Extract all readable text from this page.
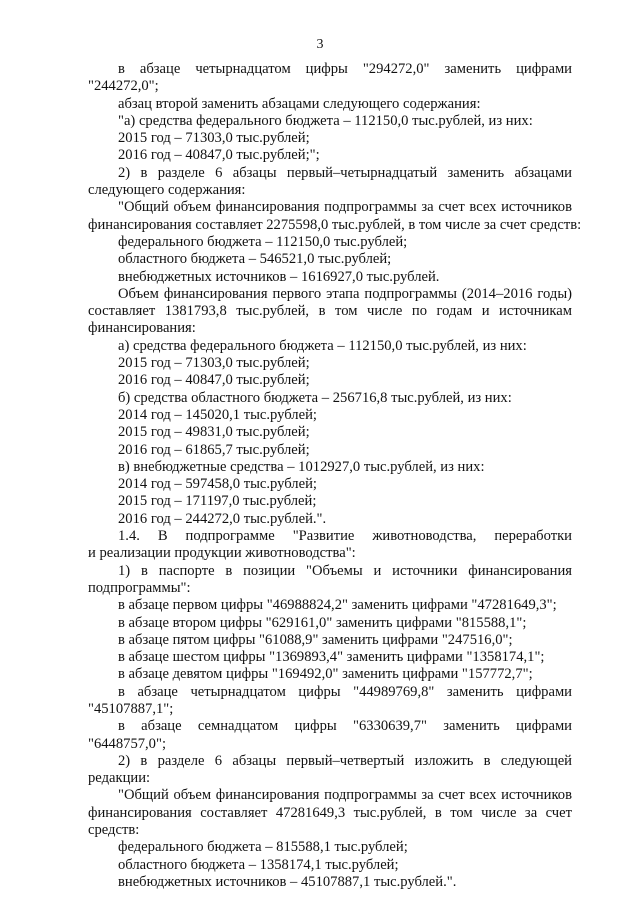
3
в абзаце четырнадцатом цифры "294272,0" заменить цифрами
"244272,0";
абзац второй заменить абзацами следующего содержания:
"а) средства федерального бюджета – 112150,0 тыс.рублей, из них:
2015 год – 71303,0 тыс.рублей;
2016 год – 40847,0 тыс.рублей;";
2) в разделе 6 абзацы первый–четырнадцатый заменить абзацами
следующего содержания:
"Общий объем финансирования подпрограммы за счет всех источников
финансирования составляет 2275598,0 тыс.рублей, в том числе за счет средств:
федерального бюджета – 112150,0 тыс.рублей;
областного бюджета – 546521,0 тыс.рублей;
внебюджетных источников – 1616927,0 тыс.рублей.
Объем финансирования первого этапа подпрограммы (2014–2016 годы)
составляет 1381793,8 тыс.рублей, в том числе по годам и источникам
финансирования:
а) средства федерального бюджета – 112150,0 тыс.рублей, из них:
2015 год – 71303,0 тыс.рублей;
2016 год – 40847,0 тыс.рублей;
б) средства областного бюджета – 256716,8 тыс.рублей, из них:
2014 год – 145020,1 тыс.рублей;
2015 год – 49831,0 тыс.рублей;
2016 год – 61865,7 тыс.рублей;
в) внебюджетные средства – 1012927,0 тыс.рублей, из них:
2014 год – 597458,0 тыс.рублей;
2015 год – 171197,0 тыс.рублей;
2016 год – 244272,0 тыс.рублей.".
1.4. В подпрограмме "Развитие животноводства, переработки
и реализации продукции животноводства":
1) в паспорте в позиции "Объемы и источники финансирования
подпрограммы":
в абзаце первом цифры "46988824,2" заменить цифрами "47281649,3";
в абзаце втором цифры "629161,0" заменить цифрами "815588,1";
в абзаце пятом цифры "61088,9" заменить цифрами "247516,0";
в абзаце шестом цифры "1369893,4" заменить цифрами "1358174,1";
в абзаце девятом цифры "169492,0" заменить цифрами "157772,7";
в абзаце четырнадцатом цифры "44989769,8" заменить цифрами
"45107887,1";
в абзаце семнадцатом цифры "6330639,7" заменить цифрами
"6448757,0";
2) в разделе 6 абзацы первый–четвертый изложить в следующей
редакции:
"Общий объем финансирования подпрограммы за счет всех источников
финансирования составляет 47281649,3 тыс.рублей, в том числе за счет
средств:
федерального бюджета – 815588,1 тыс.рублей;
областного бюджета – 1358174,1 тыс.рублей;
внебюджетных источников – 45107887,1 тыс.рублей.".
